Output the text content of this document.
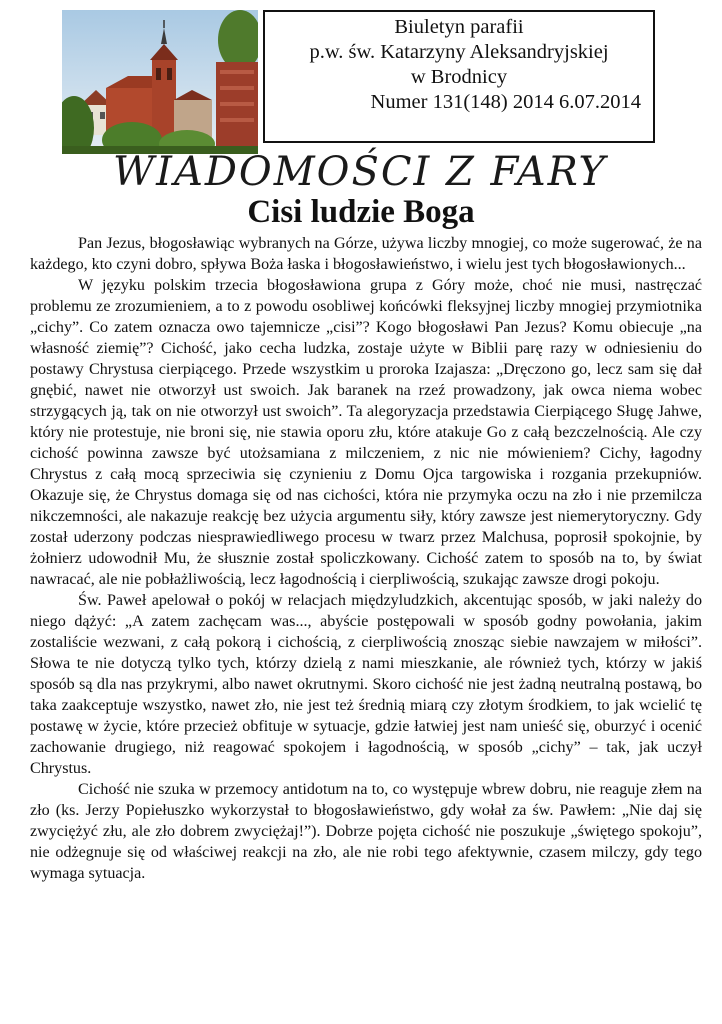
Biuletyn parafii
p.w. św. Katarzyny Aleksandryjskiej
w Brodnicy
Numer 131(148) 2014 6.07.2014
WIADOMOŚCI Z FARY
Cisi ludzie Boga

Pan Jezus, błogosławiąc wybranych na Górze, używa liczby mnogiej, co może sugerować, że na każdego, kto czyni dobro, spływa Boża łaska i błogosławieństwo, i wielu jest tych błogosławionych...

W języku polskim trzecia błogosławiona grupa z Góry może, choć nie musi, nastręczać problemu ze zrozumieniem, a to z powodu osobliwej końcówki fleksyjnej liczby mnogiej przymiotnika „cichy”. Co zatem oznacza owo tajemnicze „cisi”? Kogo błogosławi Pan Jezus? Komu obiecuje „na własność ziemię”? Cichość, jako cecha ludzka, zostaje użyte w Biblii parę razy w odniesieniu do postawy Chrystusa cierpiącego. Przede wszystkim u proroka Izajasza: „Dręczono go, lecz sam się dał gnębić, nawet nie otworzył ust swoich. Jak baranek na rzeź prowadzony, jak owca niema wobec strzygących ją, tak on nie otworzył ust swoich”. Ta alegoryzacja przedstawia Cierpiącego Sługę Jahwe, który nie protestuje, nie broni się, nie stawia oporu złu, które atakuje Go z całą bezczelnością. Ale czy cichość powinna zawsze być utożsamiana z milczeniem, z nic nie mówieniem? Cichy, łagodny Chrystus z całą mocą sprzeciwia się czynieniu z Domu Ojca targowiska i rozgania przekupniów. Okazuje się, że Chrystus domaga się od nas cichości, która nie przymyka oczu na zło i nie przemilcza nikczemności, ale nakazuje reakcję bez użycia argumentu siły, który zawsze jest niemerytoryczny. Gdy został uderzony podczas niesprawiedliwego procesu w twarz przez Malchusa, poprosił spokojnie, by żołnierz udowodnił Mu, że słusznie został spoliczkowany. Cichość zatem to sposób na to, by świat nawracać, ale nie pobłażliwością, lecz łagodnością i cierpliwością, szukając zawsze drogi pokoju.

Św. Paweł apelował o pokój w relacjach międzyludzkich, akcentując sposób, w jaki należy do niego dążyć: „A zatem zachęcam was..., abyście postępowali w sposób godny powołania, jakim zostaliście wezwani, z całą pokorą i cichością, z cierpliwością znosząc siebie nawzajem w miłości”. Słowa te nie dotyczą tylko tych, którzy dzielą z nami mieszkanie, ale również tych, którzy w jakiś sposób są dla nas przykrymi, albo nawet okrutnymi. Skoro cichość nie jest żadną neutralną postawą, bo taka zaakceptuje wszystko, nawet zło, nie jest też średnią miarą czy złotym środkiem, to jak wcielić tę postawę w życie, które przecież obfituje w sytuacje, gdzie łatwiej jest nam unieść się, oburzyć i ocenić zachowanie drugiego, niż reagować spokojem i łagodnością, w sposób „cichy” – tak, jak uczył Chrystus.

Cichość nie szuka w przemocy antidotum na to, co występuje wbrew dobru, nie reaguje złem na zło (ks. Jerzy Popiełuszko wykorzystał to błogosławieństwo, gdy wołał za św. Pawłem: „Nie daj się zwyciężyć złu, ale zło dobrem zwyciężaj!”). Dobrze pojęta cichość nie poszukuje „świętego spokoju”, nie odżegnuje się od właściwej reakcji na zło, ale nie robi tego afektywnie, czasem milczy, gdy tego wymaga sytuacja.
